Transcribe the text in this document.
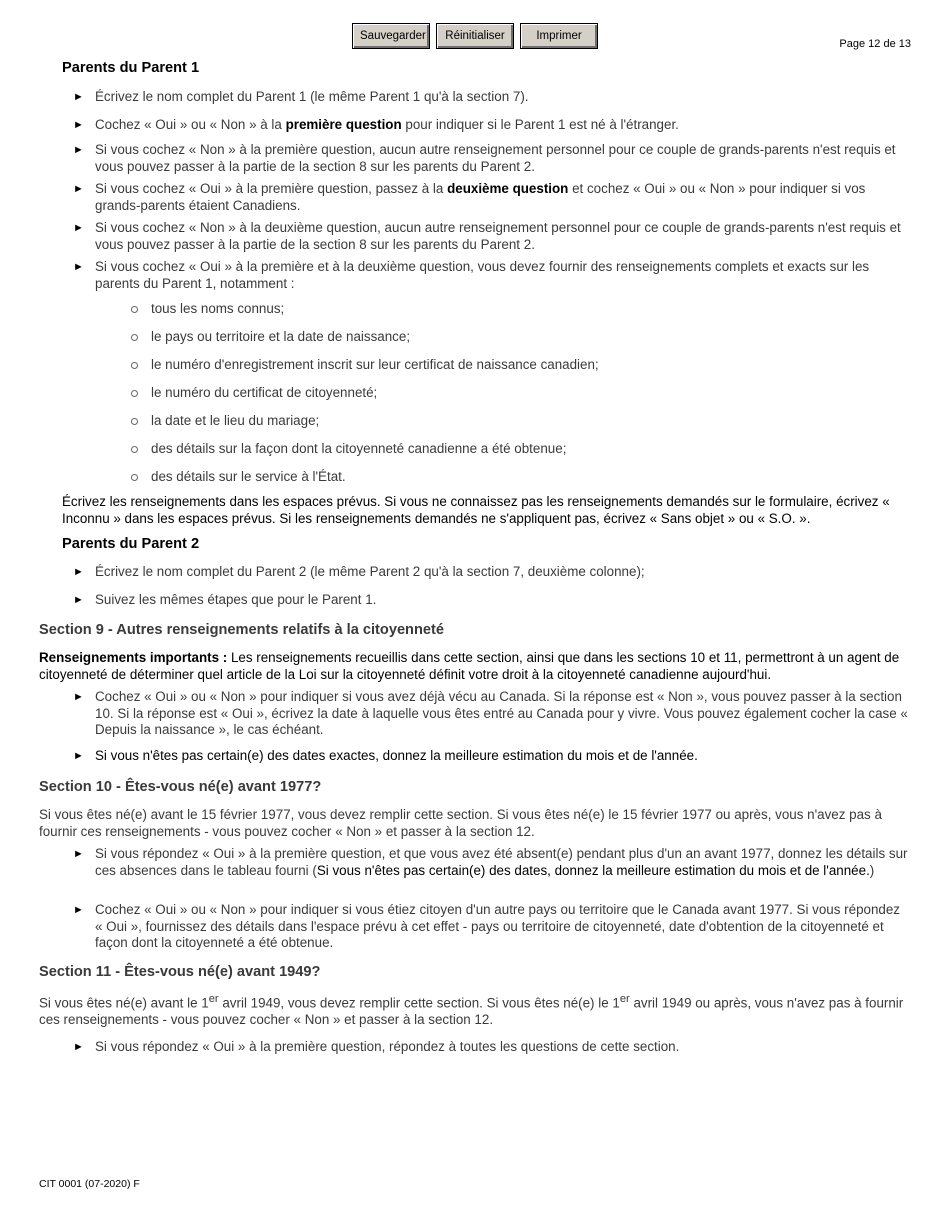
Sauvegarder	Réinitialiser	Imprimer
Page 12 de 13
Parents du Parent 1
► Écrivez le nom complet du Parent 1 (le même Parent 1 qu'à la section 7).
► Cochez « Oui » ou « Non » à la première question pour indiquer si le Parent 1 est né à l'étranger.
► Si vous cochez « Non » à la première question, aucun autre renseignement personnel pour ce couple de grands-parents n'est requis et vous pouvez passer à la partie de la section 8 sur les parents du Parent 2.
► Si vous cochez « Oui » à la première question, passez à la deuxième question et cochez « Oui » ou « Non » pour indiquer si vos grands-parents étaient Canadiens.
► Si vous cochez « Non » à la deuxième question, aucun autre renseignement personnel pour ce couple de grands-parents n'est requis et vous pouvez passer à la partie de la section 8 sur les parents du Parent 2.
► Si vous cochez « Oui » à la première et à la deuxième question, vous devez fournir des renseignements complets et exacts sur les parents du Parent 1, notamment :
tous les noms connus;
le pays ou territoire et la date de naissance;
le numéro d'enregistrement inscrit sur leur certificat de naissance canadien;
le numéro du certificat de citoyenneté;
la date et le lieu du mariage;
des détails sur la façon dont la citoyenneté canadienne a été obtenue;
des détails sur le service à l'État.

Écrivez les renseignements dans les espaces prévus. Si vous ne connaissez pas les renseignements demandés sur le formulaire, écrivez « Inconnu » dans les espaces prévus. Si les renseignements demandés ne s'appliquent pas, écrivez « Sans objet » ou « S.O. ».

Parents du Parent 2
► Écrivez le nom complet du Parent 2 (le même Parent 2 qu'à la section 7, deuxième colonne);
► Suivez les mêmes étapes que pour le Parent 1.
Section 9 - Autres renseignements relatifs à la citoyenneté

Renseignements importants : Les renseignements recueillis dans cette section, ainsi que dans les sections 10 et 11, permettront à un agent de citoyenneté de déterminer quel article de la Loi sur la citoyenneté définit votre droit à la citoyenneté canadienne aujourd'hui.

► Cochez « Oui » ou « Non » pour indiquer si vous avez déjà vécu au Canada. Si la réponse est « Non », vous pouvez passer à la section 10. Si la réponse est « Oui », écrivez la date à laquelle vous êtes entré au Canada pour y vivre. Vous pouvez également cocher la case « Depuis la naissance », le cas échéant.
► Si vous n'êtes pas certain(e) des dates exactes, donnez la meilleure estimation du mois et de l'année.
Section 10 - Êtes-vous né(e) avant 1977?

Si vous êtes né(e) avant le 15 février 1977, vous devez remplir cette section. Si vous êtes né(e) le 15 février 1977 ou après, vous n'avez pas à fournir ces renseignements - vous pouvez cocher « Non » et passer à la section 12.

► Si vous répondez « Oui » à la première question, et que vous avez été absent(e) pendant plus d'un an avant 1977, donnez les détails sur ces absences dans le tableau fourni (Si vous n'êtes pas certain(e) des dates, donnez la meilleure estimation du mois et de l'année.)
► Cochez « Oui » ou « Non » pour indiquer si vous étiez citoyen d'un autre pays ou territoire que le Canada avant 1977. Si vous répondez « Oui », fournissez des détails dans l'espace prévu à cet effet - pays ou territoire de citoyenneté, date d'obtention de la citoyenneté et façon dont la citoyenneté a été obtenue.
Section 11 - Êtes-vous né(e) avant 1949?

Si vous êtes né(e) avant le 1er avril 1949, vous devez remplir cette section. Si vous êtes né(e) le 1er avril 1949 ou après, vous n'avez pas à fournir ces renseignements - vous pouvez cocher « Non » et passer à la section 12.

► Si vous répondez « Oui » à la première question, répondez à toutes les questions de cette section.
CIT 0001 (07-2020) F
